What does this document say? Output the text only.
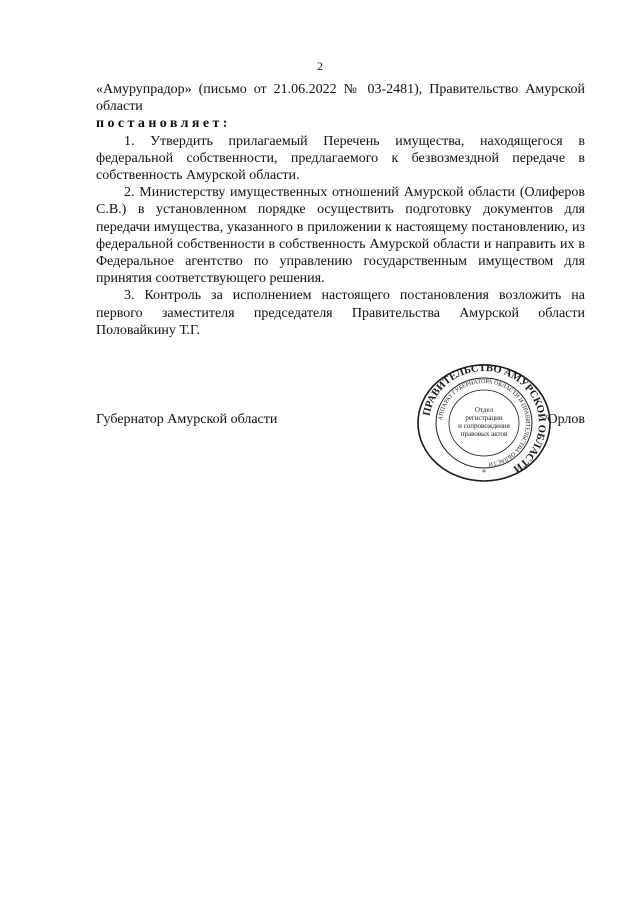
2

«Амурупрадор» (письмо от 21.06.2022 № 03-2481), Правительство Амурской области

постановляет:

1. Утвердить прилагаемый Перечень имущества, находящегося в федеральной собственности, предлагаемого к безвозмездной передаче в собственность Амурской области.

2. Министерству имущественных отношений Амурской области (Олиферов С.В.) в установленном порядке осуществить подготовку документов для передачи имущества, указанного в приложении к настоящему постановлению, из федеральной собственности в собственность Амурской области и направить их в Федеральное агентство по управлению государственным имуществом для принятия соответствующего решения.

3. Контроль за исполнением настоящего постановления возложить на первого заместителя председателя Правительства Амурской области Половайкину Т.Г.

Губернатор Амурской области	Орлов
ПРАВИТЕЛЬСТВО АМУРСКОЙ ОБЛАСТИ
АППАРАТ ГУБЕРНАТОРА ОБЛАСТИ И ПРАВИТЕЛЬСТВА ОБЛАСТИ
Отдел
регистрации
и сопровождения
правовых актов
*
